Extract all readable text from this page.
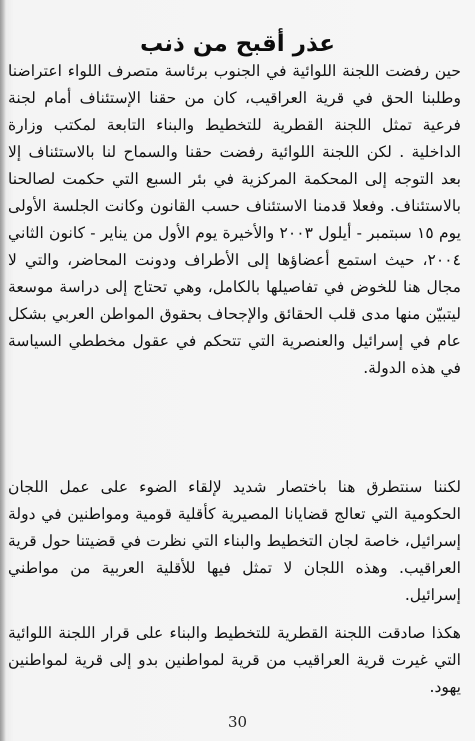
عذر أقبح من ذنب

حين رفضت اللجنة اللوائية في الجنوب برئاسة متصرف اللواء اعتراضنا وطلبنا الحق في قرية العراقيب، كان من حقنا الإستئناف أمام لجنة فرعية تمثل اللجنة القطرية للتخطيط والبناء التابعة لمكتب وزارة الداخلية . لكن اللجنة اللوائية رفضت حقنا والسماح لنا بالاستئناف إلا بعد التوجه إلى المحكمة المركزية في بئر السبع التي حكمت لصالحنا بالاستئناف. وفعلا قدمنا الاستئناف حسب القانون وكانت الجلسة الأولى يوم ١٥ سبتمبر - أيلول ٢٠٠٣ والأخيرة يوم الأول من يناير - كانون الثاني ٢٠٠٤، حيث استمع أعضاؤها إلى الأطراف ودونت المحاضر، والتي لا مجال هنا للخوض في تفاصيلها بالكامل، وهي تحتاج إلى دراسة موسعة ليتبيّن منها مدى قلب الحقائق والإجحاف بحقوق المواطن العربي بشكل عام في إسرائيل والعنصرية التي تتحكم في عقول مخططي السياسة في هذه الدولة.

لكننا سنتطرق هنا باختصار شديد لإلقاء الضوء على عمل اللجان الحكومية التي تعالج قضايانا المصيرية كأقلية قومية ومواطنين في دولة إسرائيل، خاصة لجان التخطيط والبناء التي نظرت في قضيتنا حول قرية العراقيب. وهذه اللجان لا تمثل فيها للأقلية العربية من مواطني إسرائيل.

هكذا صادقت اللجنة القطرية للتخطيط والبناء على قرار اللجنة اللوائية التي غيرت قرية العراقيب من قرية لمواطنين بدو إلى قرية لمواطنين يهود.

30
